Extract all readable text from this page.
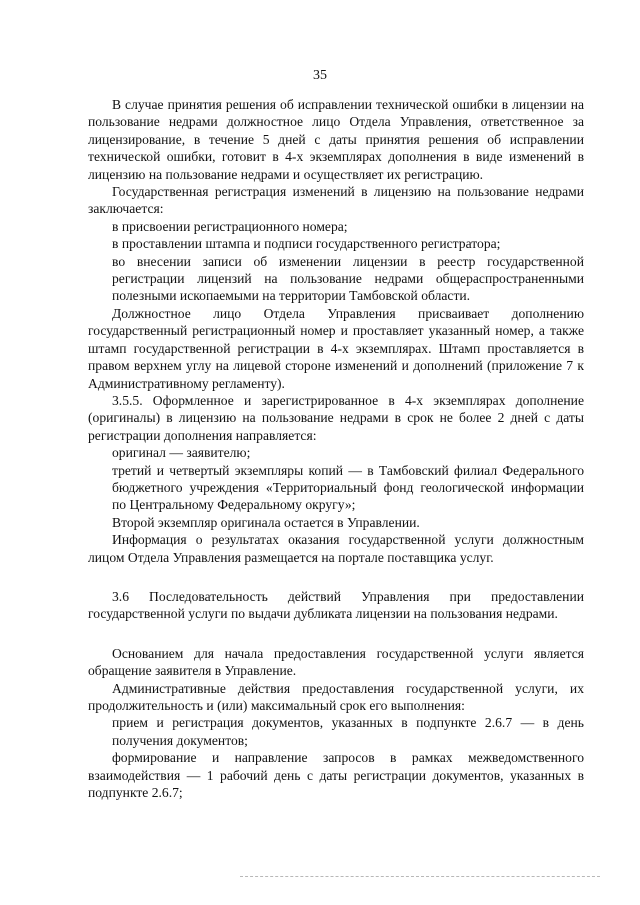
35

В случае принятия решения об исправлении технической ошибки в лицензии на пользование недрами должностное лицо Отдела Управления, ответственное за лицензирование, в течение 5 дней с даты принятия решения об исправлении технической ошибки, готовит в 4-х экземплярах дополнения в виде изменений в лицензию на пользование недрами и осуществляет их регистрацию.

Государственная регистрация изменений в лицензию на пользование недрами заключается:

в присвоении регистрационного номера;

в проставлении штампа и подписи государственного регистратора;

во внесении записи об изменении лицензии в реестр государственной регистрации лицензий на пользование недрами общераспространенными полезными ископаемыми на территории Тамбовской области.

Должностное лицо Отдела Управления присваивает дополнению государственный регистрационный номер и проставляет указанный номер, а также штамп государственной регистрации в 4-х экземплярах. Штамп проставляется в правом верхнем углу на лицевой стороне изменений и дополнений (приложение 7 к Административному регламенту).

3.5.5. Оформленное и зарегистрированное в 4-х экземплярах дополнение (оригиналы) в лицензию на пользование недрами в срок не более 2 дней с даты регистрации дополнения направляется:

оригинал — заявителю;

третий и четвертый экземпляры копий — в Тамбовский филиал Федерального бюджетного учреждения «Территориальный фонд геологической информации по Центральному Федеральному округу»;

Второй экземпляр оригинала остается в Управлении.

Информация о результатах оказания государственной услуги должностным лицом Отдела Управления размещается на портале поставщика услуг.

3.6 Последовательность действий Управления при предоставлении государственной услуги по выдачи дубликата лицензии на пользования недрами.

Основанием для начала предоставления государственной услуги является обращение заявителя в Управление.

Административные действия предоставления государственной услуги, их продолжительность и (или) максимальный срок его выполнения:

прием и регистрация документов, указанных в подпункте 2.6.7 — в день получения документов;

формирование и направление запросов в рамках межведомственного взаимодействия — 1 рабочий день с даты регистрации документов, указанных в подпункте 2.6.7;
